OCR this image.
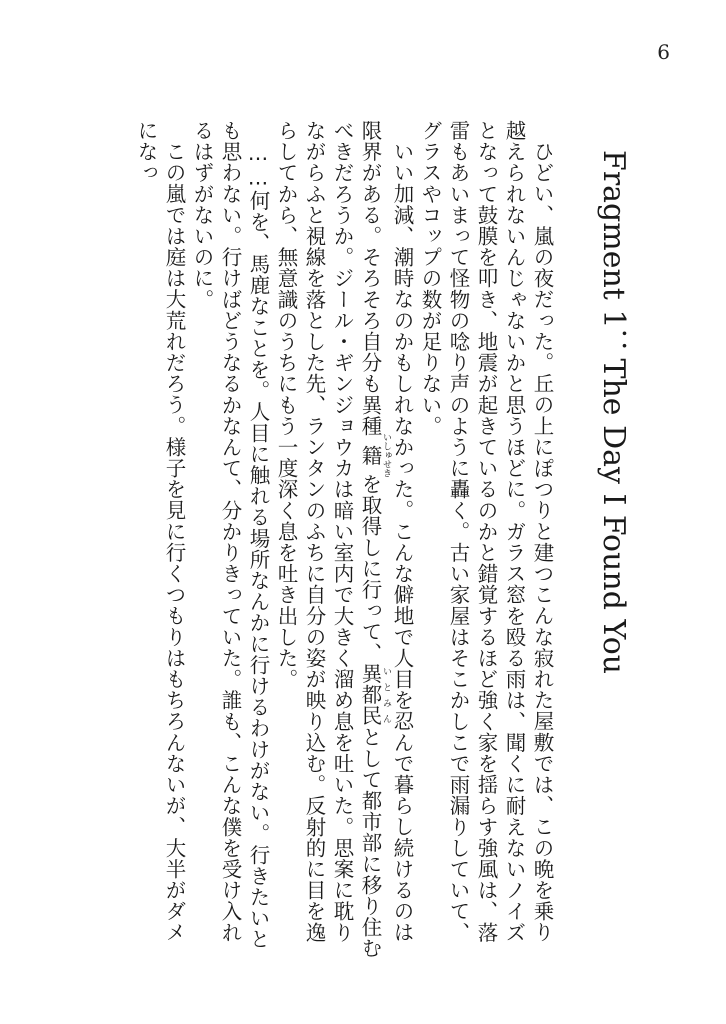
6
Fragment 1：The Day I Found You

ひどい、嵐の夜だった。丘の上にぽつりと建つこんな寂れた屋敷では、この晩を乗り越えられないんじゃないかと思うほどに。ガラス窓を殴る雨は、聞くに耐えないノイズとなって鼓膜を叩き、地震が起きているのかと錯覚するほど強く家を揺らす強風は、落雷もあいまって怪物の唸り声のように轟く。古い家屋はそこかしこで雨漏りしていて、グラスやコップの数が足りない。

いい加減、潮時なのかもしれなかった。こんな僻地で人目を忍んで暮らし続けるのは限界がある。そろそろ自分も異種籍 いしゅせきを取得しに行って、異都民 いとみんとして都市部に移り住むべきだろうか。ジール・ギンジョウカは暗い室内で大きく溜め息を吐いた。思案に耽りながらふと視線を落とした先、ランタンのふちに自分の姿が映り込む。反射的に目を逸らしてから、無意識のうちにもう一度深く息を吐き出した。

……何を、馬鹿なことを。人目に触れる場所なんかに行けるわけがない。行きたいとも思わない。行けばどうなるかなんて、分かりきっていた。誰も、こんな僕を受け入れるはずがないのに。

この嵐では庭は大荒れだろう。様子を見に行くつもりはもちろんないが、大半がダメになっ
